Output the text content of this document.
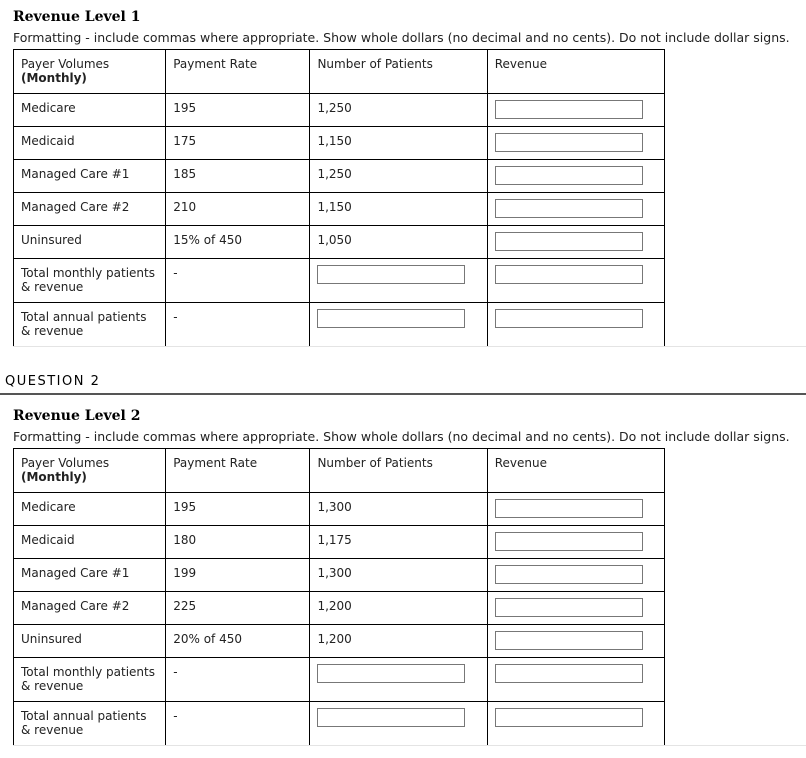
Revenue Level 1
Formatting - include commas where appropriate. Show whole dollars (no decimal and no cents). Do not include dollar signs.
Payer Volumes
(Monthly)	Payment Rate	Number of Patients	Revenue
Medicare	195	1,250	
Medicaid	175	1,150	
Managed Care #1	185	1,250	
Managed Care #2	210	1,150	
Uninsured	15% of 450	1,050	
Total monthly patients & revenue	-		
Total annual patients & revenue	-		
QUESTION 2
Revenue Level 2
Formatting - include commas where appropriate. Show whole dollars (no decimal and no cents). Do not include dollar signs.
Payer Volumes
(Monthly)	Payment Rate	Number of Patients	Revenue
Medicare	195	1,300	
Medicaid	180	1,175	
Managed Care #1	199	1,300	
Managed Care #2	225	1,200	
Uninsured	20% of 450	1,200	
Total monthly patients & revenue	-		
Total annual patients & revenue	-		
